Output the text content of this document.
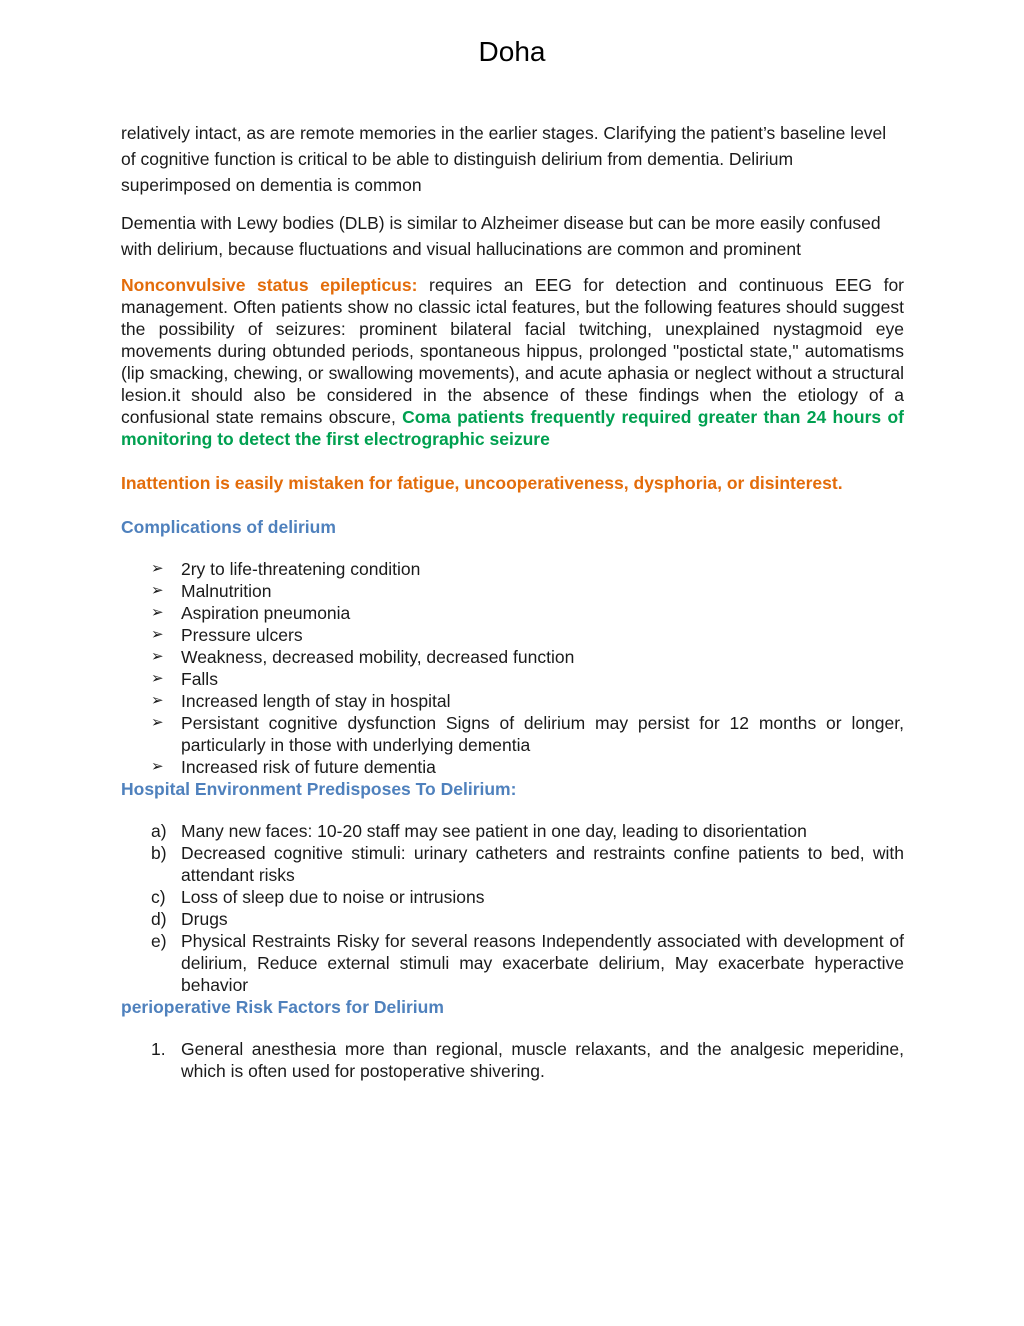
Doha

relatively intact, as are remote memories in the earlier stages. Clarifying the patient’s baseline level of cognitive function is critical to be able to distinguish delirium from dementia. Delirium superimposed on dementia is common

Dementia with Lewy bodies (DLB) is similar to Alzheimer disease but can be more easily confused with delirium, because fluctuations and visual hallucinations are common and prominent

Nonconvulsive status epilepticus: requires an EEG for detection and continuous EEG for management. Often patients show no classic ictal features, but the following features should suggest the possibility of seizures: prominent bilateral facial twitching, unexplained nystagmoid eye movements during obtunded periods, spontaneous hippus, prolonged "postictal state," automatisms (lip smacking, chewing, or swallowing movements), and acute aphasia or neglect without a structural lesion.it should also be considered in the absence of these findings when the etiology of a confusional state remains obscure, Coma patients frequently required greater than 24 hours of monitoring to detect the first electrographic seizure

Inattention is easily mistaken for fatigue, uncooperativeness, dysphoria, or disinterest.

Complications of delirium

➢ 2ry to life-threatening condition
➢ Malnutrition
➢ Aspiration pneumonia
➢ Pressure ulcers
➢ Weakness, decreased mobility, decreased function
➢ Falls
➢ Increased length of stay in hospital
➢ Persistant cognitive dysfunction Signs of delirium may persist for 12 months or longer, particularly in those with underlying dementia
➢ Increased risk of future dementia

Hospital Environment Predisposes To Delirium:

a) Many new faces: 10-20 staff may see patient in one day, leading to disorientation
b) Decreased cognitive stimuli: urinary catheters and restraints confine patients to bed, with attendant risks
c) Loss of sleep due to noise or intrusions
d) Drugs
e) Physical Restraints Risky for several reasons Independently associated with development of delirium, Reduce external stimuli may exacerbate delirium, May exacerbate hyperactive behavior

perioperative Risk Factors for Delirium

1. General anesthesia more than regional, muscle relaxants, and the analgesic meperidine, which is often used for postoperative shivering.
